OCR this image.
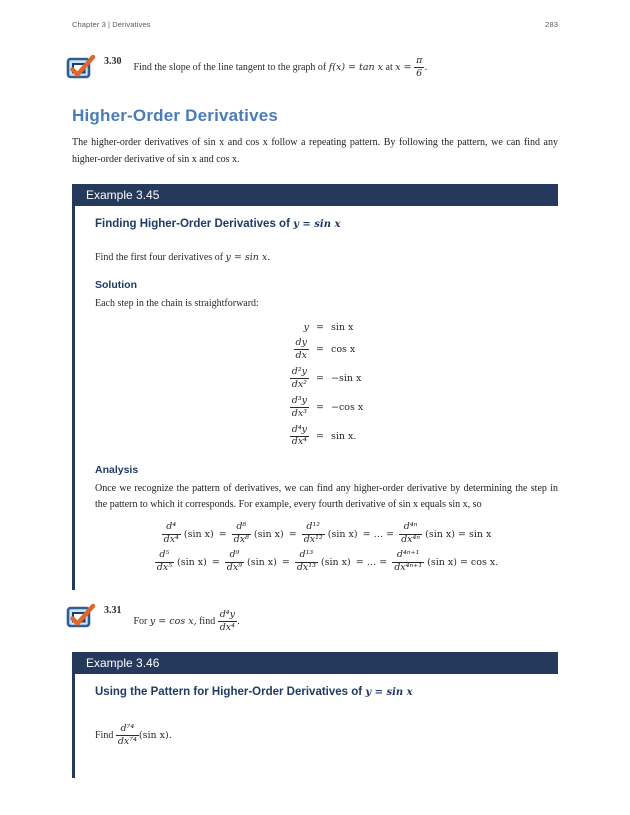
Chapter 3 | Derivatives	283
3.30
Find the slope of the line tangent to the graph of f(x) = tan x at $x = \frac{\pi}{6}$ .
Higher-Order Derivatives

The higher-order derivatives of sin x and cos x follow a repeating pattern. By following the pattern, we can find any higher-order derivative of sin x and cos x.

Example 3.45
Finding Higher-Order Derivatives of y = sin x
Find the first four derivatives of y = sin x.
Solution
Each step in the chain is straightforward:
y = sin x
$\frac{dy}{dx} = \cos x$
$\frac{\text{d²y}}{\text{dx²}} = -\sin$ x
$\frac{\text{d³y}}{\text{dx³}} = -\cos$ x
$\frac{\text{d⁴y}}{\text{dx⁴}} = \sin x$.
Analysis

Once we recognize the pattern of derivatives, we can find any higher-order derivative by determining the step in the pattern to which it corresponds. For example, every fourth derivative of sin x equals sin x, so

$\frac{\text{d⁴}}{\text{dx⁴}} (\sin$ $x) = \frac{\text{d⁸}}{\text{dx⁸}} (\sin$ $x) = \frac{\text{d¹²}}{\text{dx¹²}} (\sin$ x) = … = $\frac{\text{d⁴ⁿ}}{\text{dx⁴ⁿ}} (\sin$ x) = sin x
$\frac{\text{d⁵}}{\text{dx⁵}} (\sin$ $x) = \frac{\text{d⁹}}{\text{dx⁹}} (\sin$ $x) = \frac{\text{d¹³}}{\text{dx¹³}} (\sin$ x) = … = $\frac{\text{d⁴ⁿ⁺¹}}{\text{dx⁴ⁿ⁺¹}} (\sin$ x) = cos x.
3.31
For y = cos x, find $\frac{\text{d⁴y}}{\text{dx⁴}}$ .
Example 3.46
Using the Pattern for Higher-Order Derivatives of y = sin x
Find $\frac{\text{d⁷⁴}}{\text{dx⁷⁴}} (\sin$ x).
